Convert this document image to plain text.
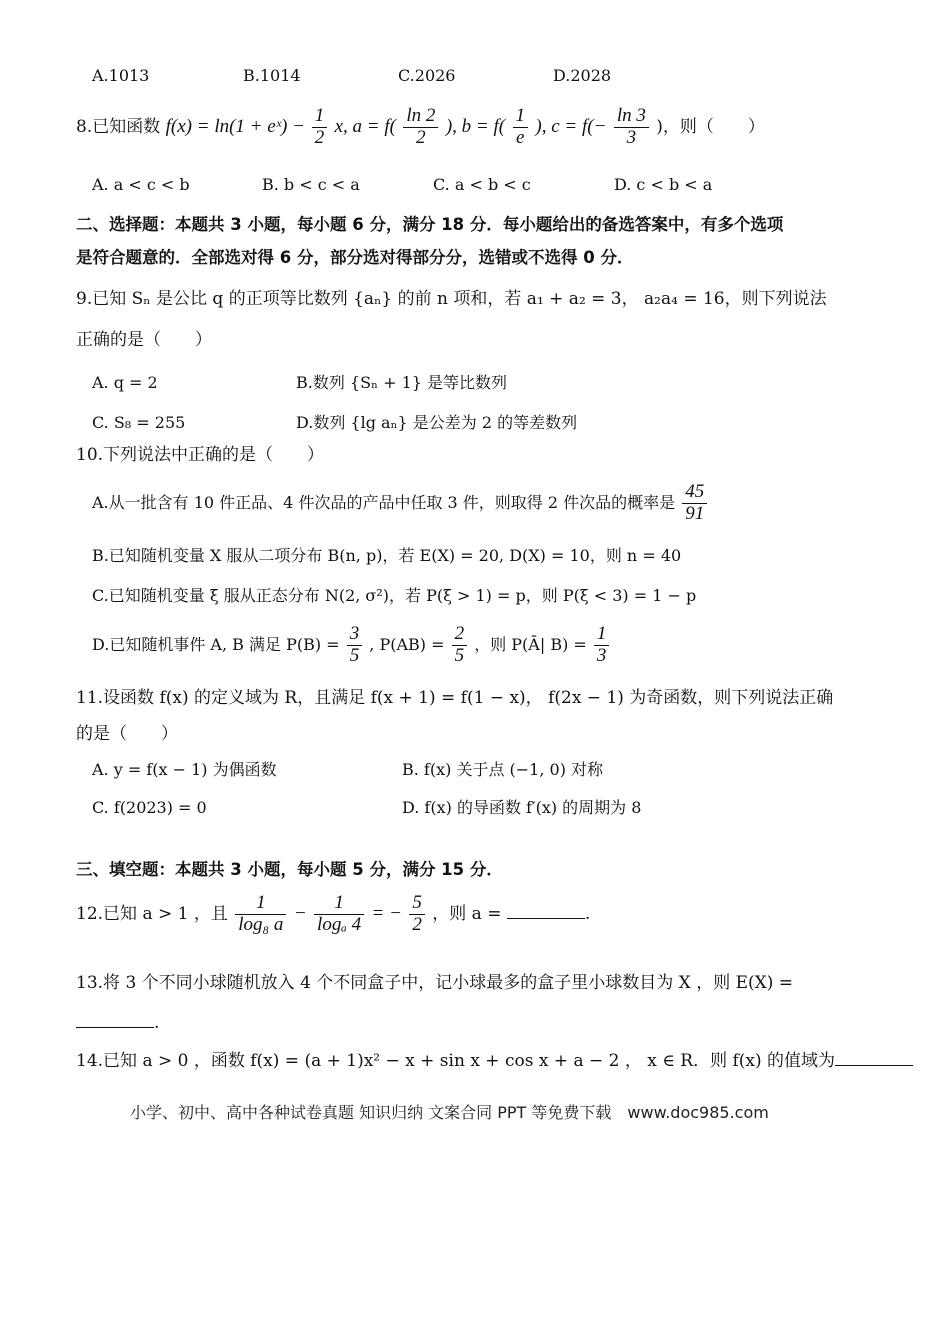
A.1013	B.1014	C.2026	D.2028
8.已知函数 f(x) = ln(1 + eˣ) − $\frac{1}{2} x$, $a = f( \frac{\ln 2}{2}$ ), $b = f( \frac{1}{e}$ ), $c = f(- \frac{\ln 3}{3}$ )，则（　　）
A. a < c < b	B. b < c < a	C. a < b < c	D. c < b < a
二、选择题：本题共 3 小题，每小题 6 分，满分 18 分．每小题给出的备选答案中，有多个选项
是符合题意的．全部选对得 6 分，部分选对得部分分，选错或不选得 0 分．
9.已知 Sₙ 是公比 q 的正项等比数列 {aₙ} 的前 n 项和，若 a₁ + a₂ = 3， a₂a₄ = 16，则下列说法
正确的是（　　）
A. q = 2	B.数列 {Sₙ + 1} 是等比数列
C. S₈ = 255	D.数列 {lg aₙ} 是公差为 2 的等差数列
10.下列说法中正确的是（　　）
A.从一批含有 10 件正品、4 件次品的产品中任取 3 件，则取得 2 件次品的概率是 $\frac{45}{91}$
B.已知随机变量 X 服从二项分布 B(n, p)，若 E(X) = 20, D(X) = 10，则 n = 40
C.已知随机变量 ξ 服从正态分布 N(2, σ²)，若 P(ξ > 1) = p，则 P(ξ < 3) = 1 − p
D.已知随机事件 A, B 满足 $P(B) = \frac{3}{5}$ , $P(AB) = \frac{2}{5}$ ，则 P(Ā| $B) = \frac{1}{3}$
11.设函数 f(x) 的定义域为 R，且满足 f(x + 1) = f(1 − x)， f(2x − 1) 为奇函数，则下列说法正确
的是（　　）
A. y = f(x − 1) 为偶函数	B. f(x) 关于点 (−1, 0) 对称
C. f(2023) = 0	D. f(x) 的导函数 f′(x) 的周期为 8
三、填空题：本题共 3 小题，每小题 5 分，满分 15 分．
12.已知 a > 1 ，且 $\frac{1}{\text{log₈ a}} - \frac{1}{\text{logₐ 4}}$ = − $\frac{5}{2}$ ，则 a =	.
13.将 3 个不同小球随机放入 4 个不同盒子中，记小球最多的盒子里小球数目为 X ，则 E(X) =
.
14.已知 a > 0 ，函数 f(x) = (a + 1)x² − x + sin x + cos x + a − 2 ， x ∈ R．则 f(x) 的值域为
小学、初中、高中各种试卷真题 知识归纳 文案合同 PPT 等免费下载　www.doc985.com
